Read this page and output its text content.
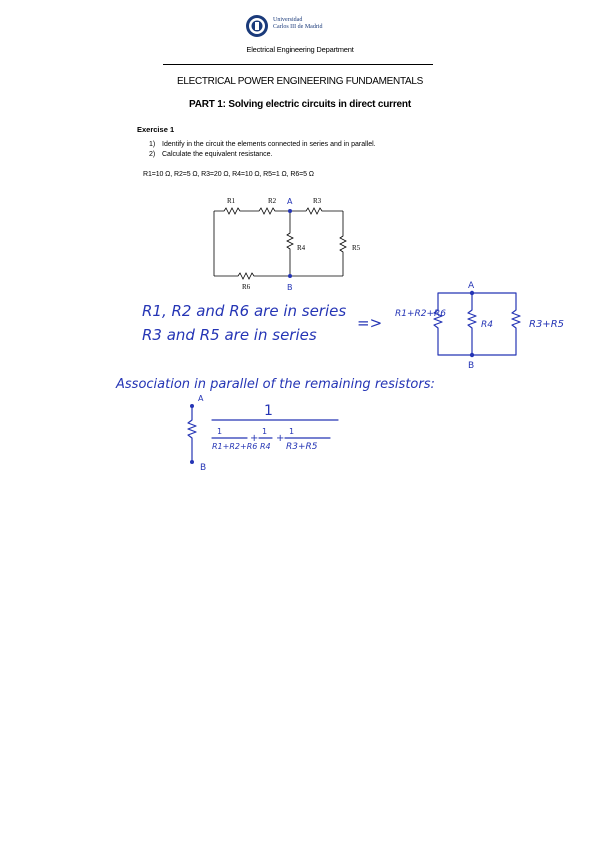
Universidad
Carlos III de Madrid
Electrical Engineering Department
ELECTRICAL POWER ENGINEERING FUNDAMENTALS
PART 1: Solving electric circuits in direct current
Exercise 1
1) Identify in the circuit the elements connected in series and in parallel.
2) Calculate the equivalent resistance.
R1=10 Ω, R2=5 Ω, R3=20 Ω, R4=10 Ω, R5=1 Ω, R6=5 Ω
R1	R2 A	R3
R4	R5
R6	B
R1, R2 and R6 are in series
R3 and R5 are in series
=>
A
B
R1+R2+R6
R4	R3+R5
Association in parallel of the remaining resistors:
A
B
1
1
R1+R2+R6
+
1
R4
+
1
R3+R5
